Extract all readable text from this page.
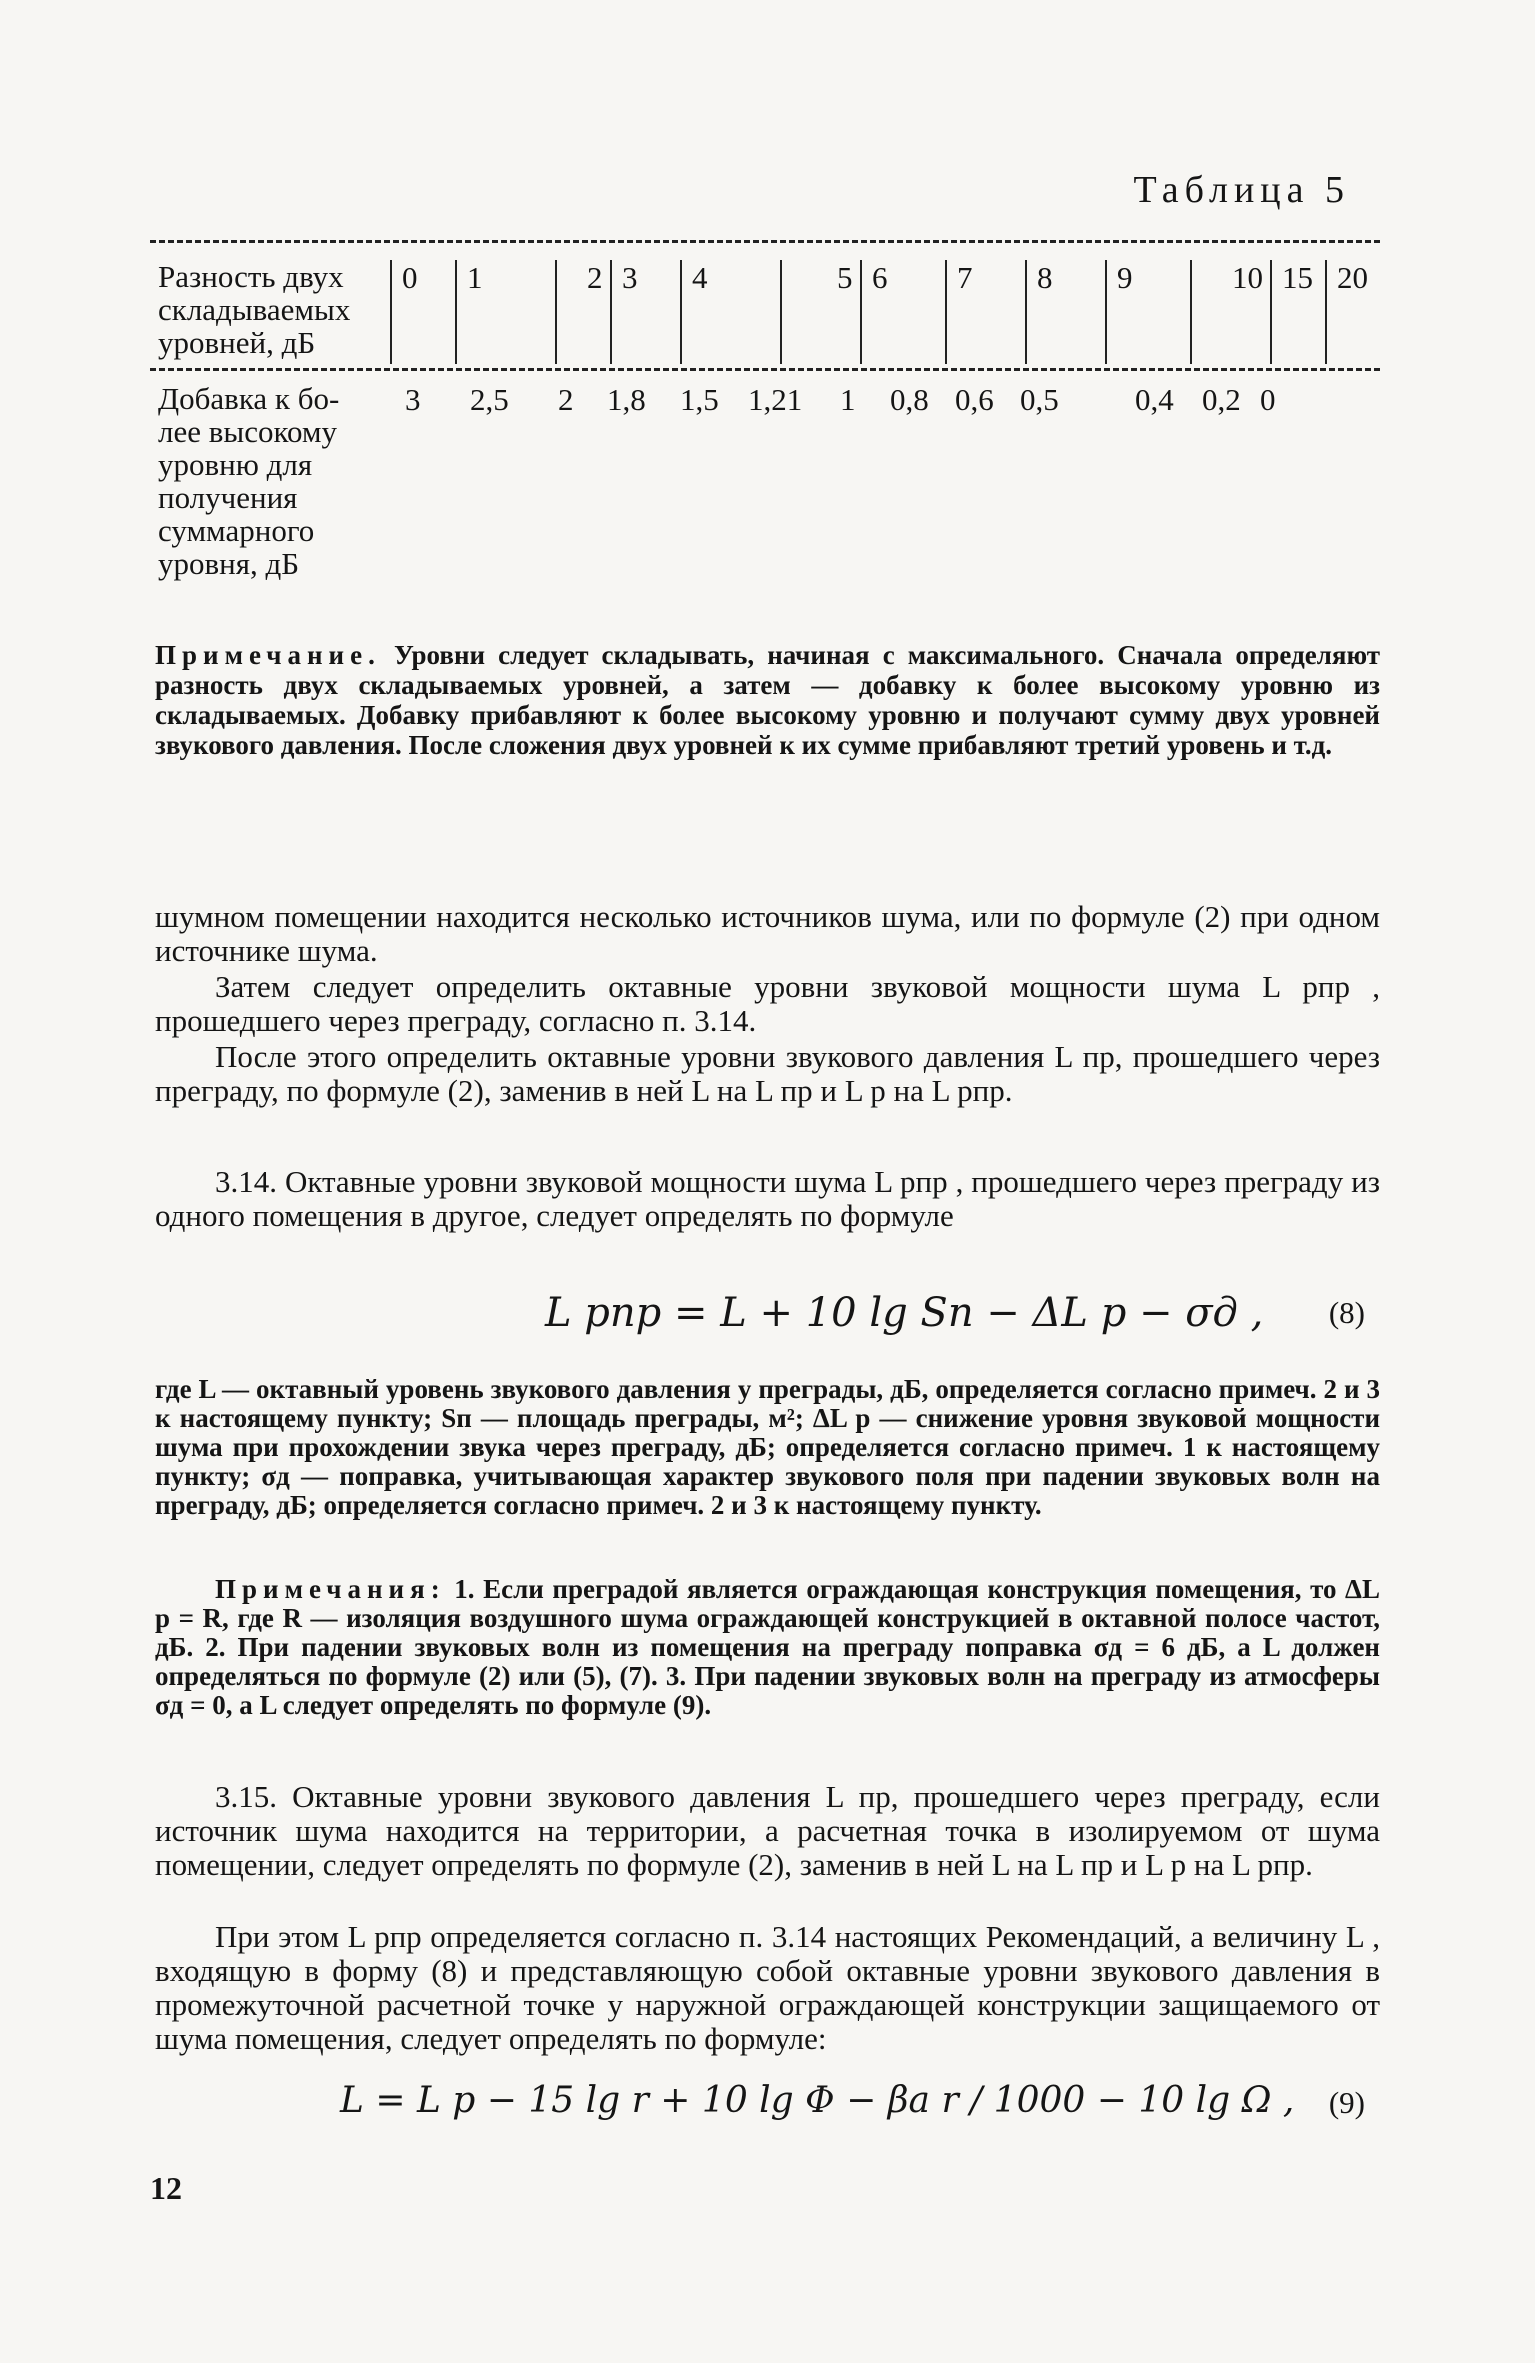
Таблица 5
Разность двух
складываемых
уровней, дБ
0	1	2 3	4	5 6	7	8	9	10 15 20
Добавка к бо-
лее высокому
уровню для
получения
суммарного
уровня, дБ
3 2,5 2 1,8 1,5 1,21 1 0,8 0,6 0,5 0,4 0,2 0
Примечание. Уровни следует складывать, начиная с максимального. Сначала определяют разность двух складываемых уровней, а затем — добавку к более высокому уровню из складываемых. Добавку прибавляют к более высокому уровню и получают сумму двух уровней звукового давления. После сложения двух уровней к их сумме прибавляют третий уровень и т.д.
шумном помещении находится несколько источников шума, или по формуле (2) при одном источнике шума.
Затем следует определить октавные уровни звуковой мощности шума L pпр , прошедшего через преграду, согласно п. 3.14.
После этого определить октавные уровни звукового давления L пр, прошедшего через преграду, по формуле (2), заменив в ней L на L пр и L p на L pпр.
3.14. Октавные уровни звуковой мощности шума L pпр , прошедшего через преграду из одного помещения в другое, следует определять по формуле
L pпр = L + 10 lg Sп − ΔL p − σд , (8)
где L — октавный уровень звукового давления у преграды, дБ, определяется согласно примеч. 2 и 3 к настоящему пункту; Sп — площадь преграды, м²; ΔL p — снижение уровня звуковой мощности шума при прохождении звука через преграду, дБ; определяется согласно примеч. 1 к настоящему пункту; σд — поправка, учитывающая характер звукового поля при падении звуковых волн на преграду, дБ; определяется согласно примеч. 2 и 3 к настоящему пункту.
Примечания: 1. Если преградой является ограждающая конструкция помещения, то ΔL p = R, где R — изоляция воздушного шума ограждающей конструкцией в октавной полосе частот, дБ. 2. При падении звуковых волн из помещения на преграду поправка σд = 6 дБ, а L должен определяться по формуле (2) или (5), (7). 3. При падении звуковых волн на преграду из атмосферы σд = 0, а L следует определять по формуле (9).
3.15. Октавные уровни звукового давления L пр, прошедшего через преграду, если источник шума находится на территории, а расчетная точка в изолируемом от шума помещении, следует определять по формуле (2), заменив в ней L на L пр и L p на L pпр.
При этом L pпр определяется согласно п. 3.14 настоящих Рекомендаций, а величину L , входящую в форму (8) и представляющую собой октавные уровни звукового давления в промежуточной расчетной точке у наружной ограждающей конструкции защищаемого от шума помещения, следует определять по формуле:
L = L p − 15 lg r + 10 lg Φ − βa r / 1000 − 10 lg Ω , (9)
12
